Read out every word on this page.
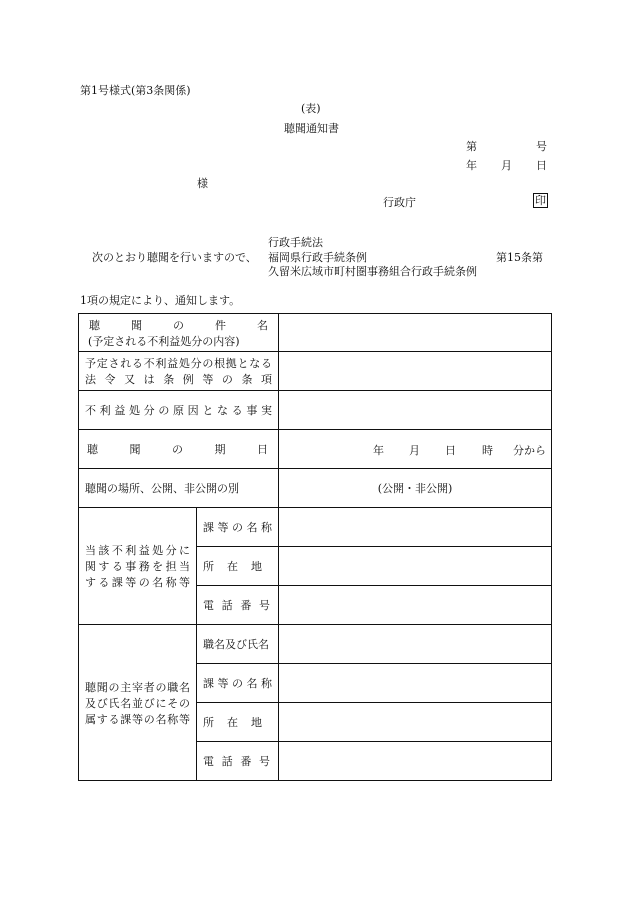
第1号様式(第3条関係)
(表)
聴聞通知書
第	号
年 月 日
様
行政庁	印
行政手続法
次のとおり聴聞を行いますので、 福岡県行政手続条例	第15条第
久留米広域市町村圏事務組合行政手続条例
1項の規定により、通知します。
聴聞の件名
(予定される不利益処分の内容)		

予定される不利益処分の根拠となる
法令又は条例等の条項		

不利益処分の原因となる事実		

聴聞の期日		年 月 日 時 分から

聴聞の場所、公開、非公開の別		(公開・非公開)

当該不利益処分に
関する事務を担当
する課等の名称等	課等の名称	

	所在地	

	電話番号	

聴聞の主宰者の職名
及び氏名並びにその
属する課等の名称等	職名及び氏名	
	課等の名称	

	所在地	

	電話番号	
